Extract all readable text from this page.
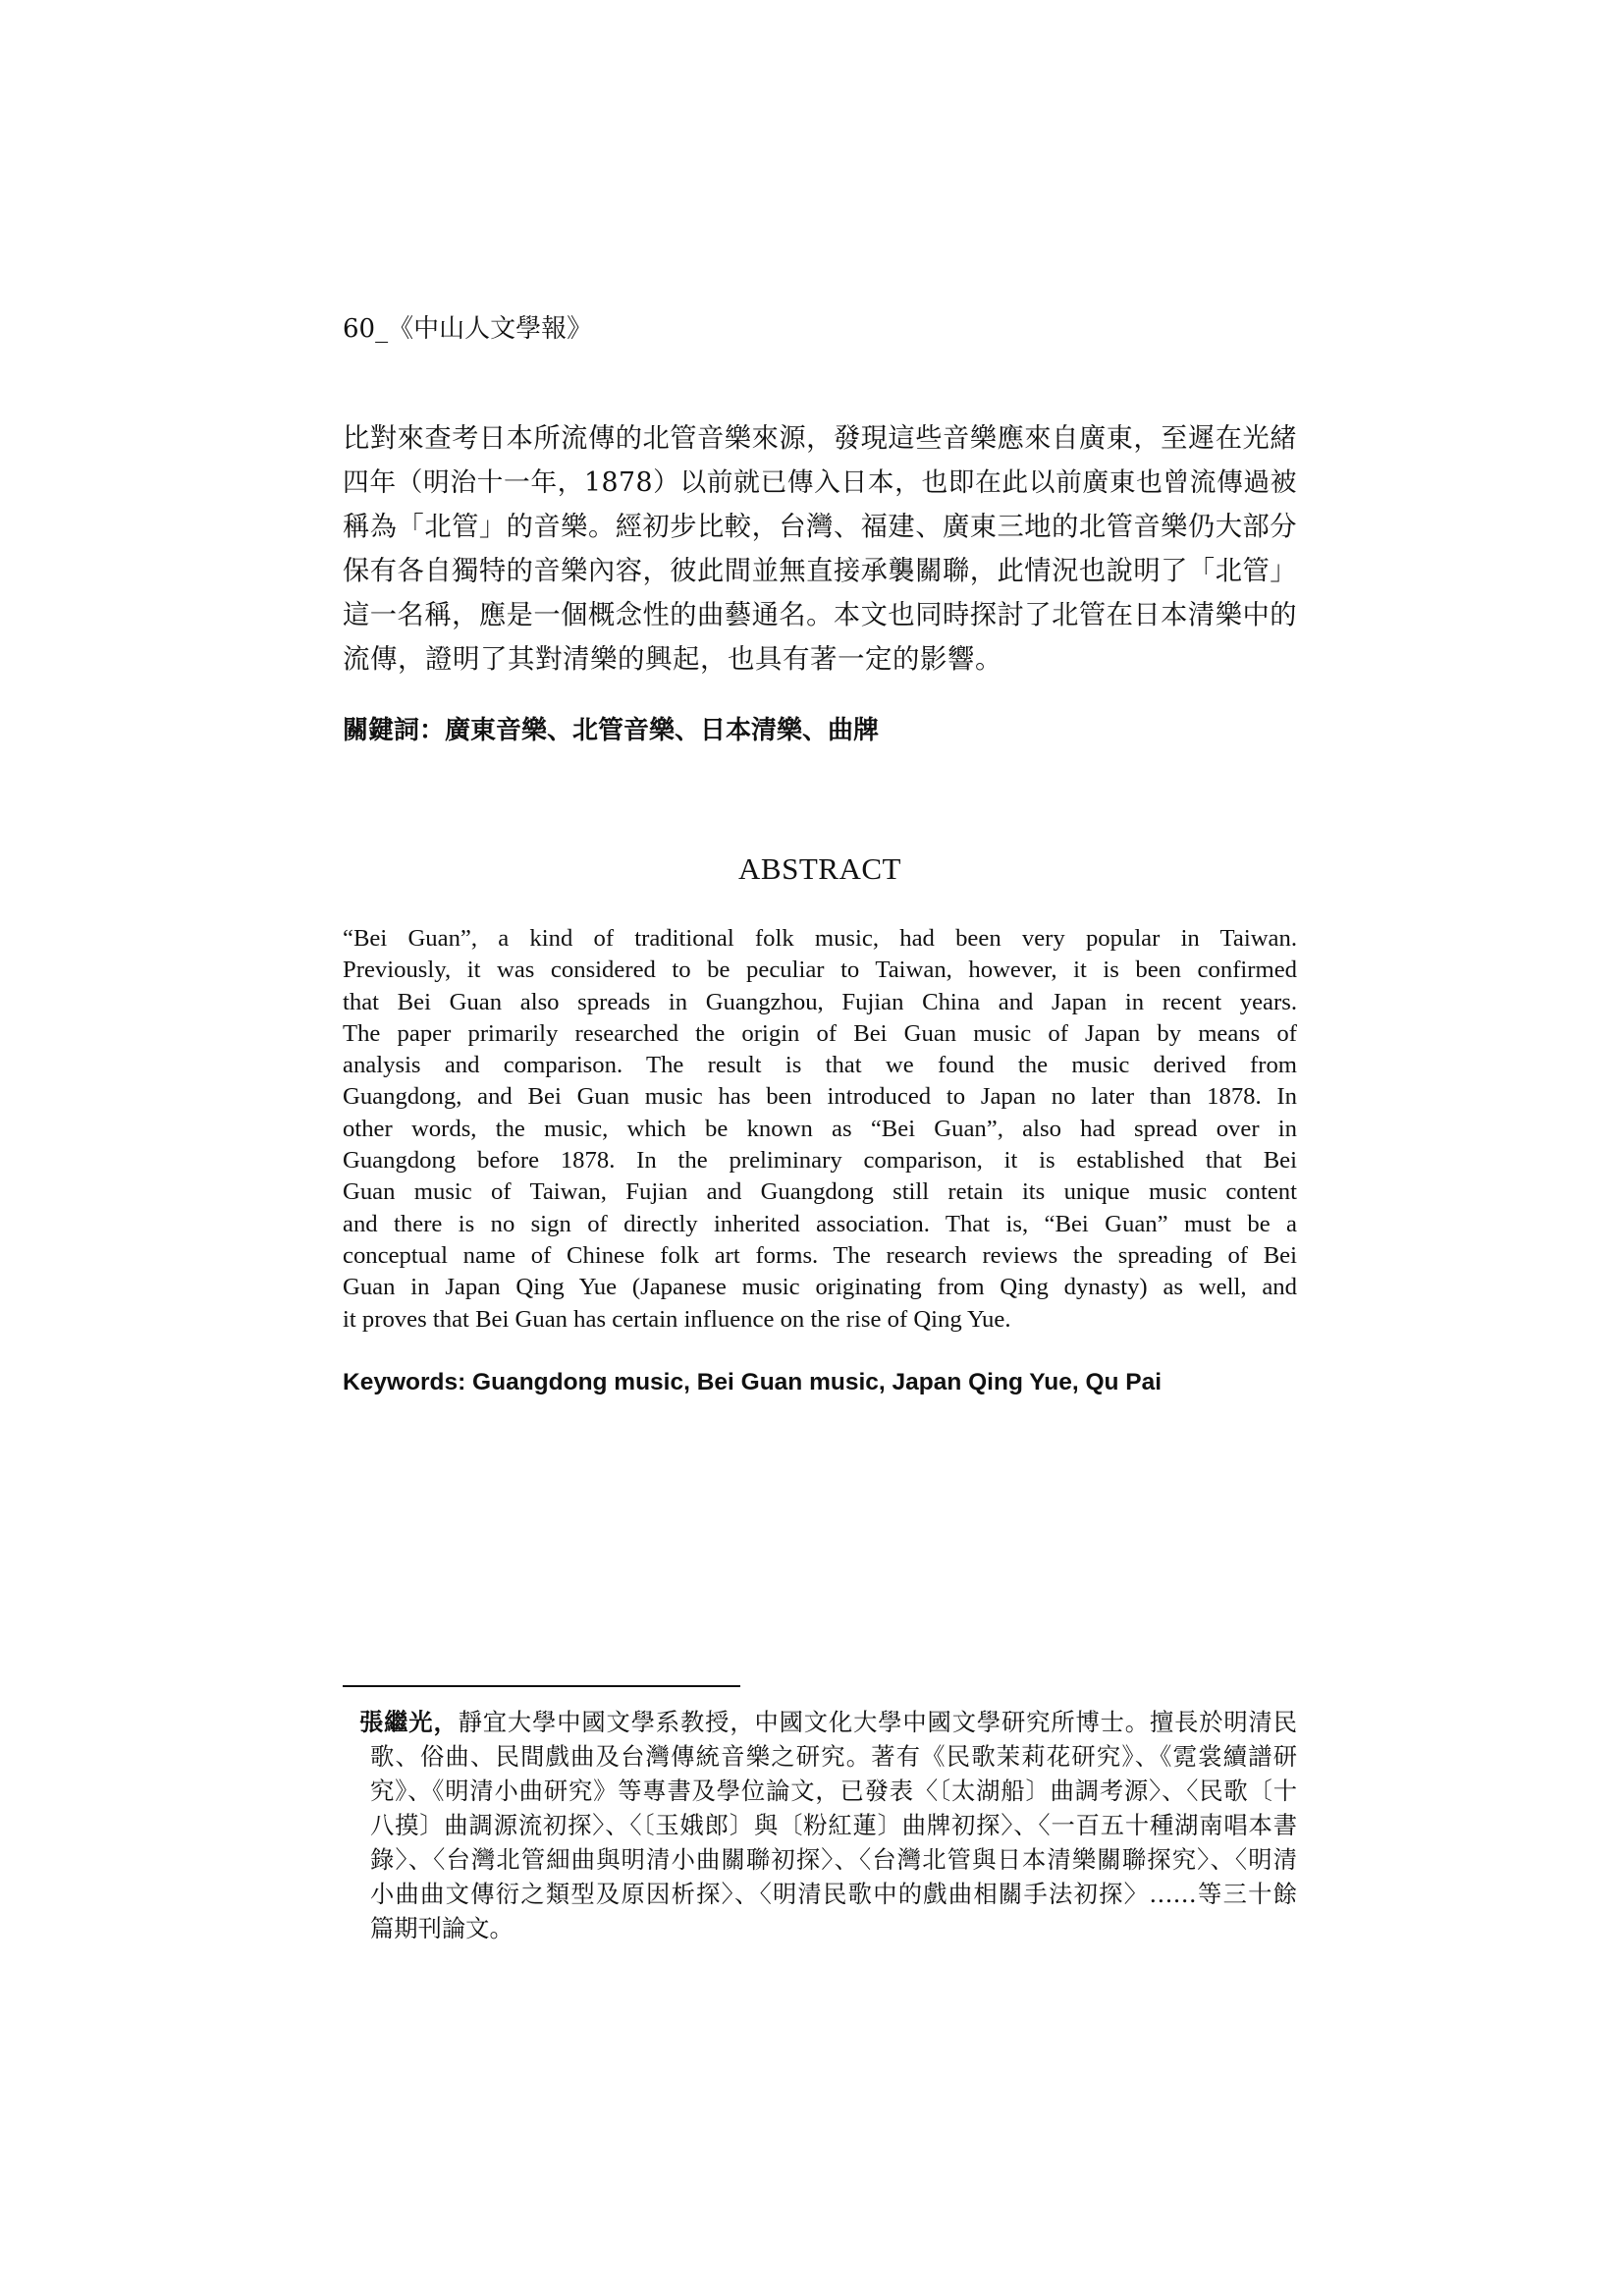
60_《中山人文學報》
比對來查考日本所流傳的北管音樂來源，發現這些音樂應來自廣東，至遲在光緒
四年（明治十一年，1878）以前就已傳入日本，也即在此以前廣東也曾流傳過被
稱為「北管」的音樂。經初步比較，台灣、福建、廣東三地的北管音樂仍大部分
保有各自獨特的音樂內容，彼此間並無直接承襲關聯，此情況也說明了「北管」
這一名稱，應是一個概念性的曲藝通名。本文也同時探討了北管在日本清樂中的
流傳，證明了其對清樂的興起，也具有著一定的影響。
關鍵詞：廣東音樂、北管音樂、日本清樂、曲牌
ABSTRACT
“Bei Guan”, a kind of traditional folk music, had been very popular in Taiwan.
Previously, it was considered to be peculiar to Taiwan, however, it is been confirmed
that Bei Guan also spreads in Guangzhou, Fujian China and Japan in recent years.
The paper primarily researched the origin of Bei Guan music of Japan by means of
analysis and comparison. The result is that we found the music derived from
Guangdong, and Bei Guan music has been introduced to Japan no later than 1878. In
other words, the music, which be known as “Bei Guan”, also had spread over in
Guangdong before 1878. In the preliminary comparison, it is established that Bei
Guan music of Taiwan, Fujian and Guangdong still retain its unique music content
and there is no sign of directly inherited association. That is, “Bei Guan” must be a
conceptual name of Chinese folk art forms. The research reviews the spreading of Bei
Guan in Japan Qing Yue (Japanese music originating from Qing dynasty) as well, and
it proves that Bei Guan has certain influence on the rise of Qing Yue.
Keywords: Guangdong music, Bei Guan music, Japan Qing Yue, Qu Pai
張繼光，靜宜大學中國文學系教授，中國文化大學中國文學研究所博士。擅長於明清民
歌、俗曲、民間戲曲及台灣傳統音樂之研究。著有《民歌茉莉花研究》、《霓裳續譜研
究》、《明清小曲研究》等專書及學位論文，已發表〈〔太湖船〕曲調考源〉、〈民歌〔十
八摸〕曲調源流初探〉、〈〔玉娥郎〕與〔粉紅蓮〕曲牌初探〉、〈一百五十種湖南唱本書
錄〉、〈台灣北管細曲與明清小曲關聯初探〉、〈台灣北管與日本清樂關聯探究〉、〈明清
小曲曲文傳衍之類型及原因析探〉、〈明清民歌中的戲曲相關手法初探〉……等三十餘
篇期刊論文。
